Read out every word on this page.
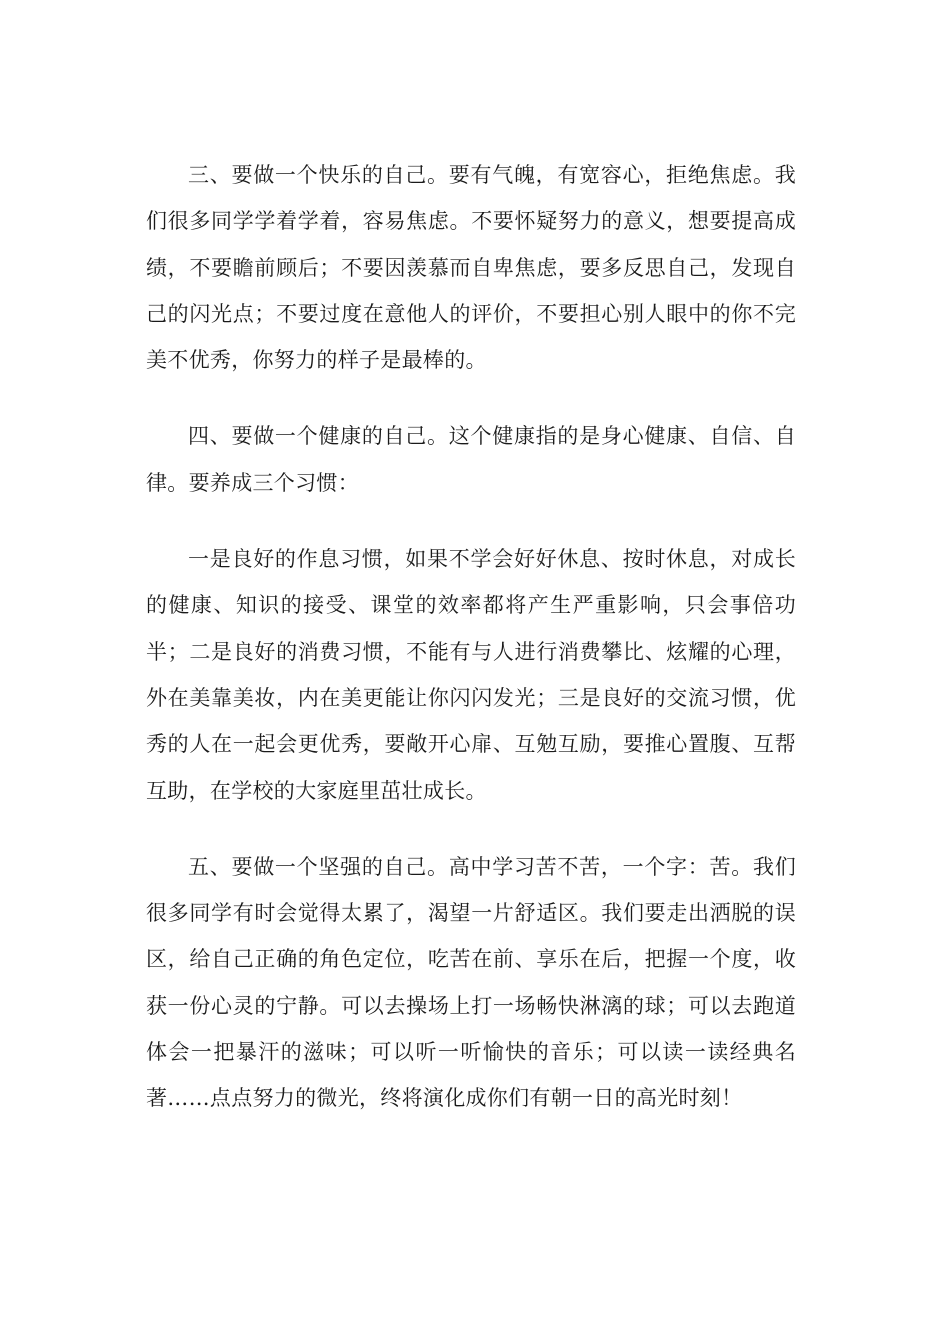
三、要做一个快乐的自己。要有气魄，有宽容心，拒绝焦虑。我们很多同学学着学着，容易焦虑。不要怀疑努力的意义，想要提高成绩，不要瞻前顾后；不要因羡慕而自卑焦虑，要多反思自己，发现自己的闪光点；不要过度在意他人的评价，不要担心别人眼中的你不完美不优秀，你努力的样子是最棒的。

四、要做一个健康的自己。这个健康指的是身心健康、自信、自律。要养成三个习惯：

一是良好的作息习惯，如果不学会好好休息、按时休息，对成长的健康、知识的接受、课堂的效率都将产生严重影响，只会事倍功半；二是良好的消费习惯，不能有与人进行消费攀比、炫耀的心理，外在美靠美妆，内在美更能让你闪闪发光；三是良好的交流习惯，优秀的人在一起会更优秀，要敞开心扉、互勉互励，要推心置腹、互帮互助，在学校的大家庭里茁壮成长。

五、要做一个坚强的自己。高中学习苦不苦，一个字：苦。我们很多同学有时会觉得太累了，渴望一片舒适区。我们要走出洒脱的误区，给自己正确的角色定位，吃苦在前、享乐在后，把握一个度，收获一份心灵的宁静。可以去操场上打一场畅快淋漓的球；可以去跑道体会一把暴汗的滋味；可以听一听愉快的音乐；可以读一读经典名著……点点努力的微光，终将演化成你们有朝一日的高光时刻！
